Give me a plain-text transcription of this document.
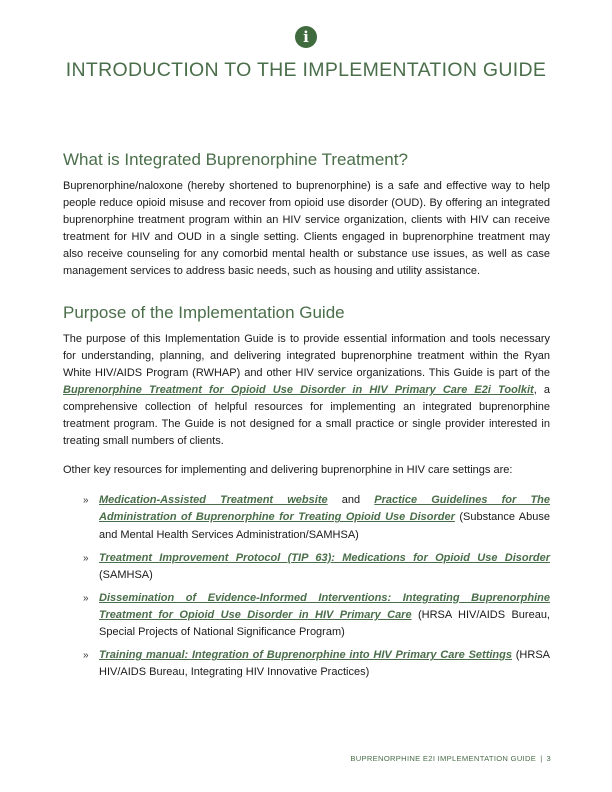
i
INTRODUCTION TO THE IMPLEMENTATION GUIDE
What is Integrated Buprenorphine Treatment?

Buprenorphine/naloxone (hereby shortened to buprenorphine) is a safe and effective way to help people reduce opioid misuse and recover from opioid use disorder (OUD). By offering an integrated buprenorphine treatment program within an HIV service organization, clients with HIV can receive treatment for HIV and OUD in a single setting. Clients engaged in buprenorphine treatment may also receive counseling for any comorbid mental health or substance use issues, as well as case management services to address basic needs, such as housing and utility assistance.

Purpose of the Implementation Guide

The purpose of this Implementation Guide is to provide essential information and tools necessary for understanding, planning, and delivering integrated buprenorphine treatment within the Ryan White HIV/AIDS Program (RWHAP) and other HIV service organizations. This Guide is part of the Buprenorphine Treatment for Opioid Use Disorder in HIV Primary Care E2i Toolkit, a comprehensive collection of helpful resources for implementing an integrated buprenorphine treatment program. The Guide is not designed for a small practice or single provider interested in treating small numbers of clients.

Other key resources for implementing and delivering buprenorphine in HIV care settings are:

» Medication-Assisted Treatment website and Practice Guidelines for The Administration of Buprenorphine for Treating Opioid Use Disorder (Substance Abuse and Mental Health Services Administration/SAMHSA)
» Treatment Improvement Protocol (TIP 63): Medications for Opioid Use Disorder (SAMHSA)
» Dissemination of Evidence-Informed Interventions: Integrating Buprenorphine Treatment for Opioid Use Disorder in HIV Primary Care (HRSA HIV/AIDS Bureau, Special Projects of National Significance Program)
» Training manual: Integration of Buprenorphine into HIV Primary Care Settings (HRSA HIV/AIDS Bureau, Integrating HIV Innovative Practices)
BUPRENORPHINE E2I IMPLEMENTATION GUIDE | 3
